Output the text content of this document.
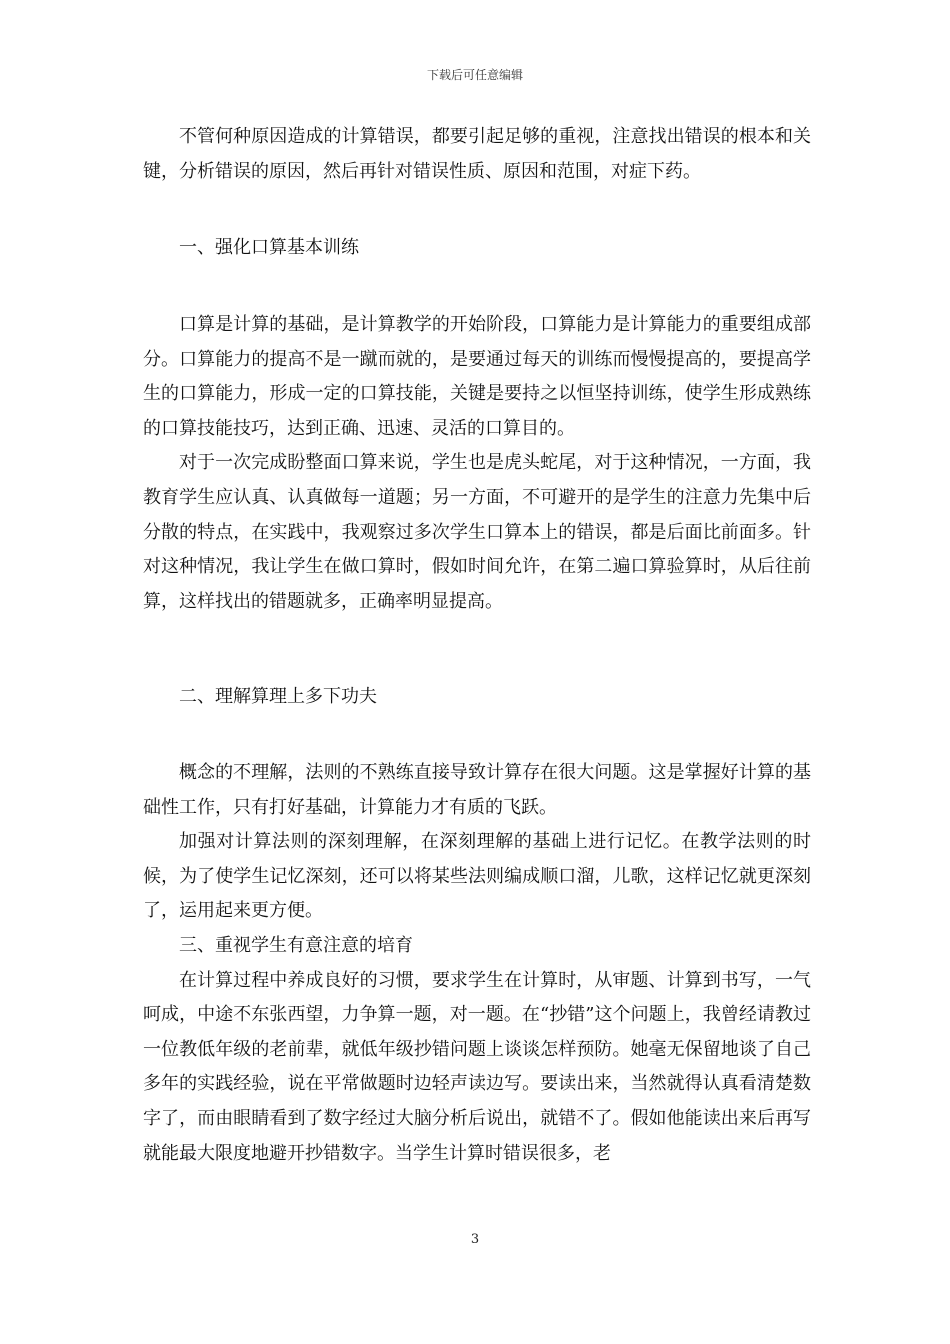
下载后可任意编辑

不管何种原因造成的计算错误，都要引起足够的重视，注意找出错误的根本和关键，分析错误的原因，然后再针对错误性质、原因和范围，对症下药。

一、强化口算基本训练

口算是计算的基础，是计算教学的开始阶段，口算能力是计算能力的重要组成部分。口算能力的提高不是一蹴而就的，是要通过每天的训练而慢慢提高的，要提高学生的口算能力，形成一定的口算技能，关键是要持之以恒坚持训练，使学生形成熟练的口算技能技巧，达到正确、迅速、灵活的口算目的。

对于一次完成盼整面口算来说，学生也是虎头蛇尾，对于这种情况，一方面，我教育学生应认真、认真做每一道题；另一方面，不可避开的是学生的注意力先集中后分散的特点，在实践中，我观察过多次学生口算本上的错误，都是后面比前面多。针对这种情况，我让学生在做口算时，假如时间允许，在第二遍口算验算时，从后往前算，这样找出的错题就多，正确率明显提高。

二、理解算理上多下功夫

概念的不理解，法则的不熟练直接导致计算存在很大问题。这是掌握好计算的基础性工作，只有打好基础，计算能力才有质的飞跃。

加强对计算法则的深刻理解，在深刻理解的基础上进行记忆。在教学法则的时候，为了使学生记忆深刻，还可以将某些法则编成顺口溜，儿歌，这样记忆就更深刻了，运用起来更方便。

三、重视学生有意注意的培育

在计算过程中养成良好的习惯，要求学生在计算时，从审题、计算到书写，一气呵成，中途不东张西望，力争算一题，对一题。在“抄错”这个问题上，我曾经请教过一位教低年级的老前辈，就低年级抄错问题上谈谈怎样预防。她毫无保留地谈了自己多年的实践经验，说在平常做题时边轻声读边写。要读出来，当然就得认真看清楚数字了，而由眼睛看到了数字经过大脑分析后说出，就错不了。假如他能读出来后再写就能最大限度地避开抄错数字。当学生计算时错误很多，老

3
